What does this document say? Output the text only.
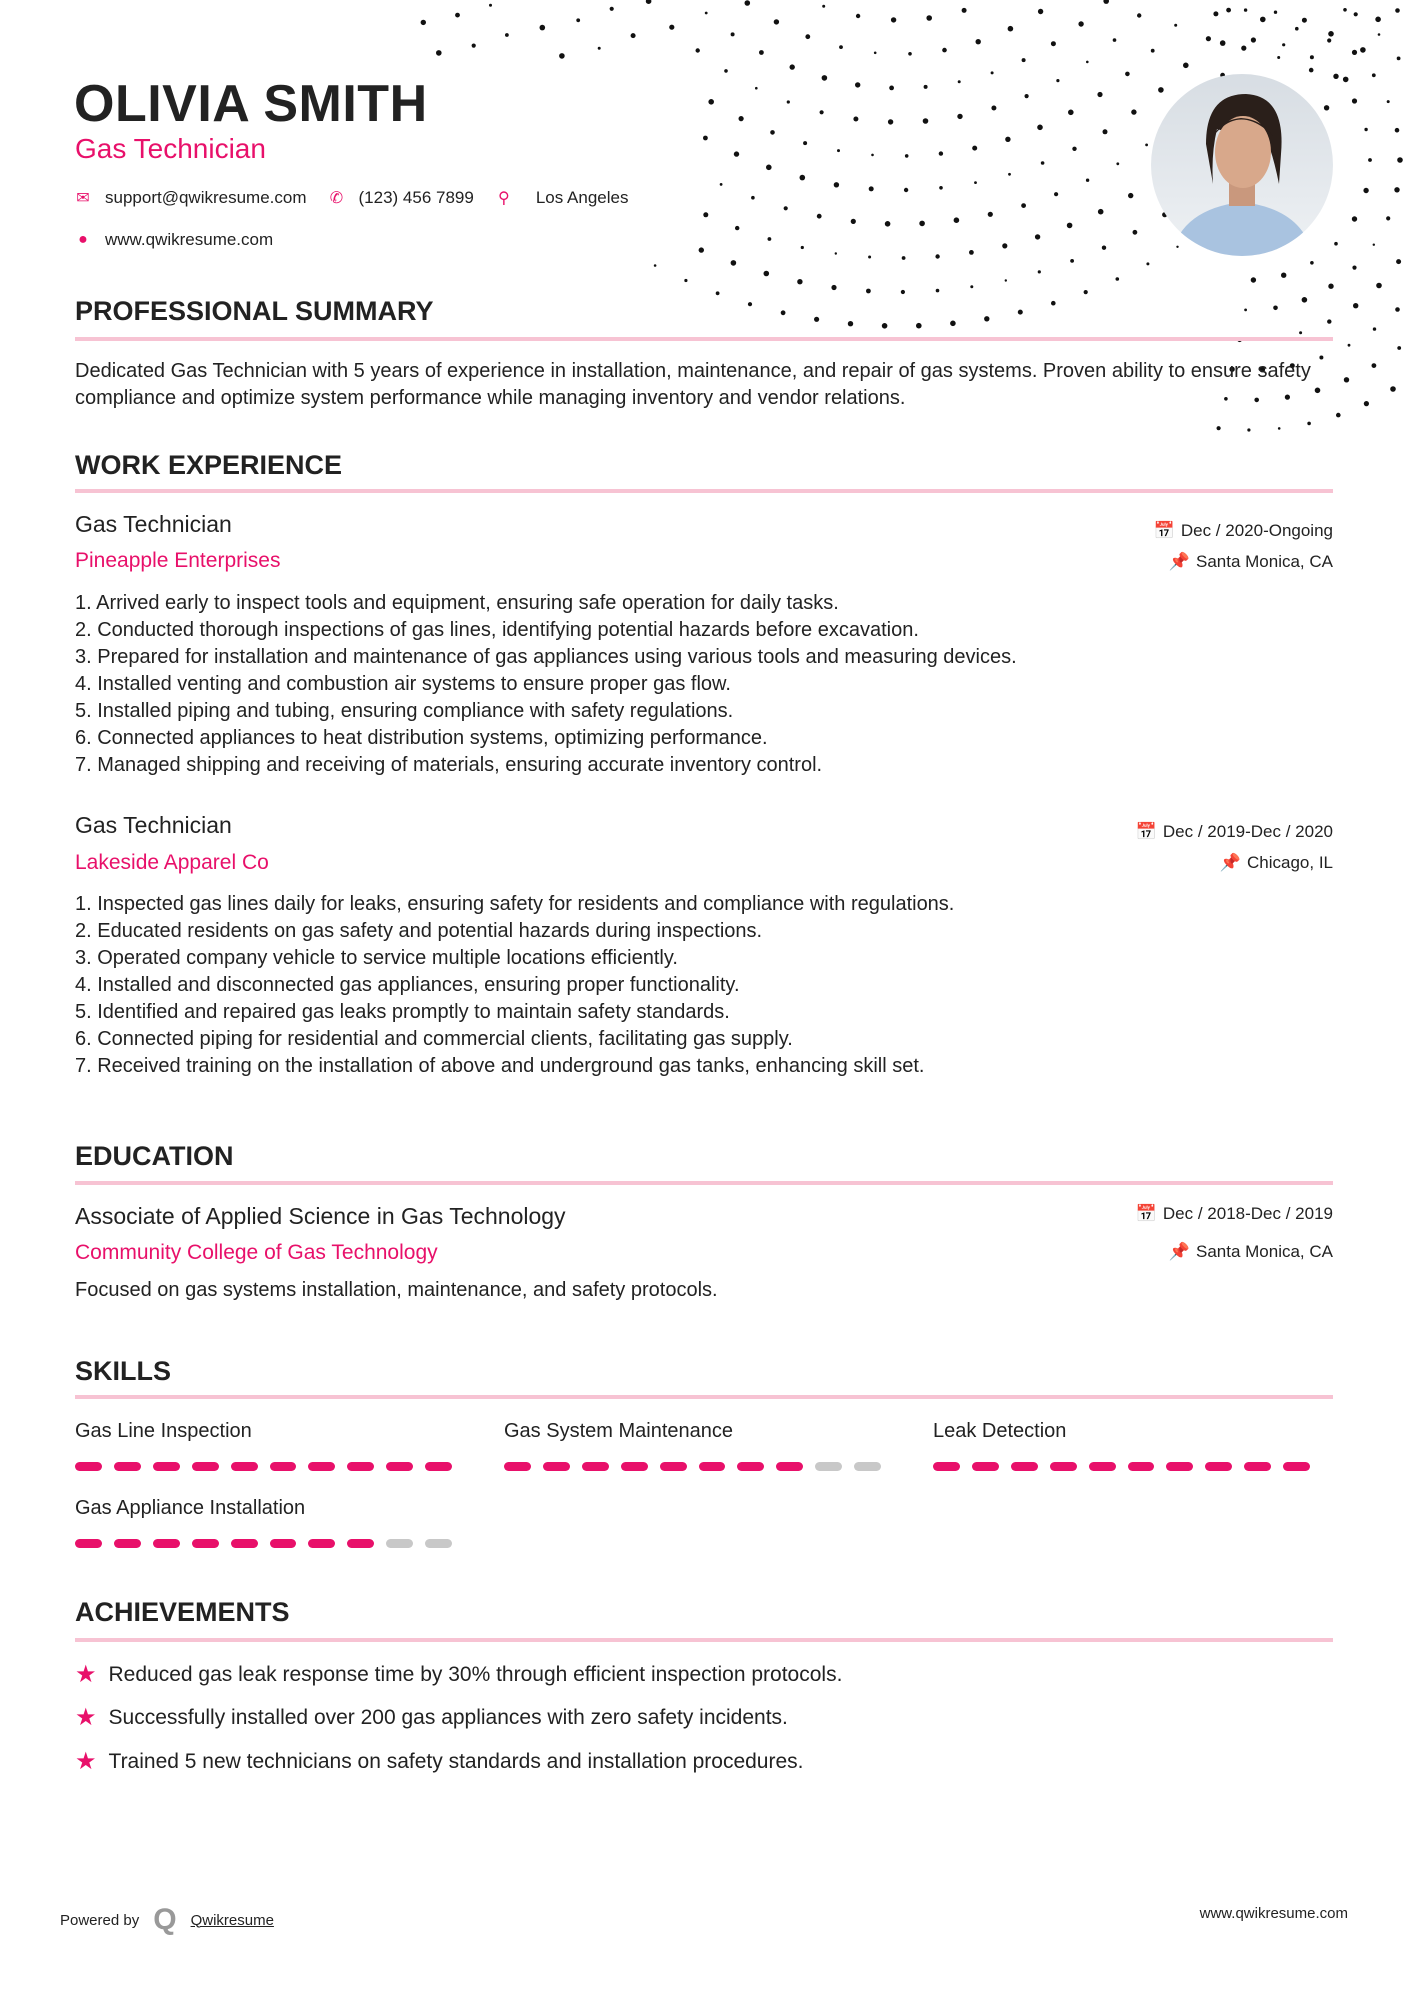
OLIVIA SMITH
Gas Technician
✉ support@qwikresume.com ✆ (123) 456 7899 ⚲ Los Angeles
●	www.qwikresume.com
PROFESSIONAL SUMMARY
Dedicated Gas Technician with 5 years of experience in installation, maintenance, and repair of gas systems. Proven ability to ensure safety compliance and optimize system performance while managing inventory and vendor relations.
WORK EXPERIENCE
Gas Technician
Pineapple Enterprises
📅 Dec / 2020-Ongoing
📌 Santa Monica, CA
1. Arrived early to inspect tools and equipment, ensuring safe operation for daily tasks.
2. Conducted thorough inspections of gas lines, identifying potential hazards before excavation.
3. Prepared for installation and maintenance of gas appliances using various tools and measuring devices.
4. Installed venting and combustion air systems to ensure proper gas flow.
5. Installed piping and tubing, ensuring compliance with safety regulations.
6. Connected appliances to heat distribution systems, optimizing performance.
7. Managed shipping and receiving of materials, ensuring accurate inventory control.
Gas Technician
Lakeside Apparel Co
📅 Dec / 2019-Dec / 2020
📌 Chicago, IL
1. Inspected gas lines daily for leaks, ensuring safety for residents and compliance with regulations.
2. Educated residents on gas safety and potential hazards during inspections.
3. Operated company vehicle to service multiple locations efficiently.
4. Installed and disconnected gas appliances, ensuring proper functionality.
5. Identified and repaired gas leaks promptly to maintain safety standards.
6. Connected piping for residential and commercial clients, facilitating gas supply.
7. Received training on the installation of above and underground gas tanks, enhancing skill set.
EDUCATION
Associate of Applied Science in Gas Technology
Community College of Gas Technology
📅 Dec / 2018-Dec / 2019
📌 Santa Monica, CA
Focused on gas systems installation, maintenance, and safety protocols.
SKILLS
Gas Line Inspection	Gas System Maintenance	Leak Detection
Gas Appliance Installation
ACHIEVEMENTS
★ Reduced gas leak response time by 30% through efficient inspection protocols.
★ Successfully installed over 200 gas appliances with zero safety incidents.
★ Trained 5 new technicians on safety standards and installation procedures.
Powered by Q Qwikresume	www.qwikresume.com
